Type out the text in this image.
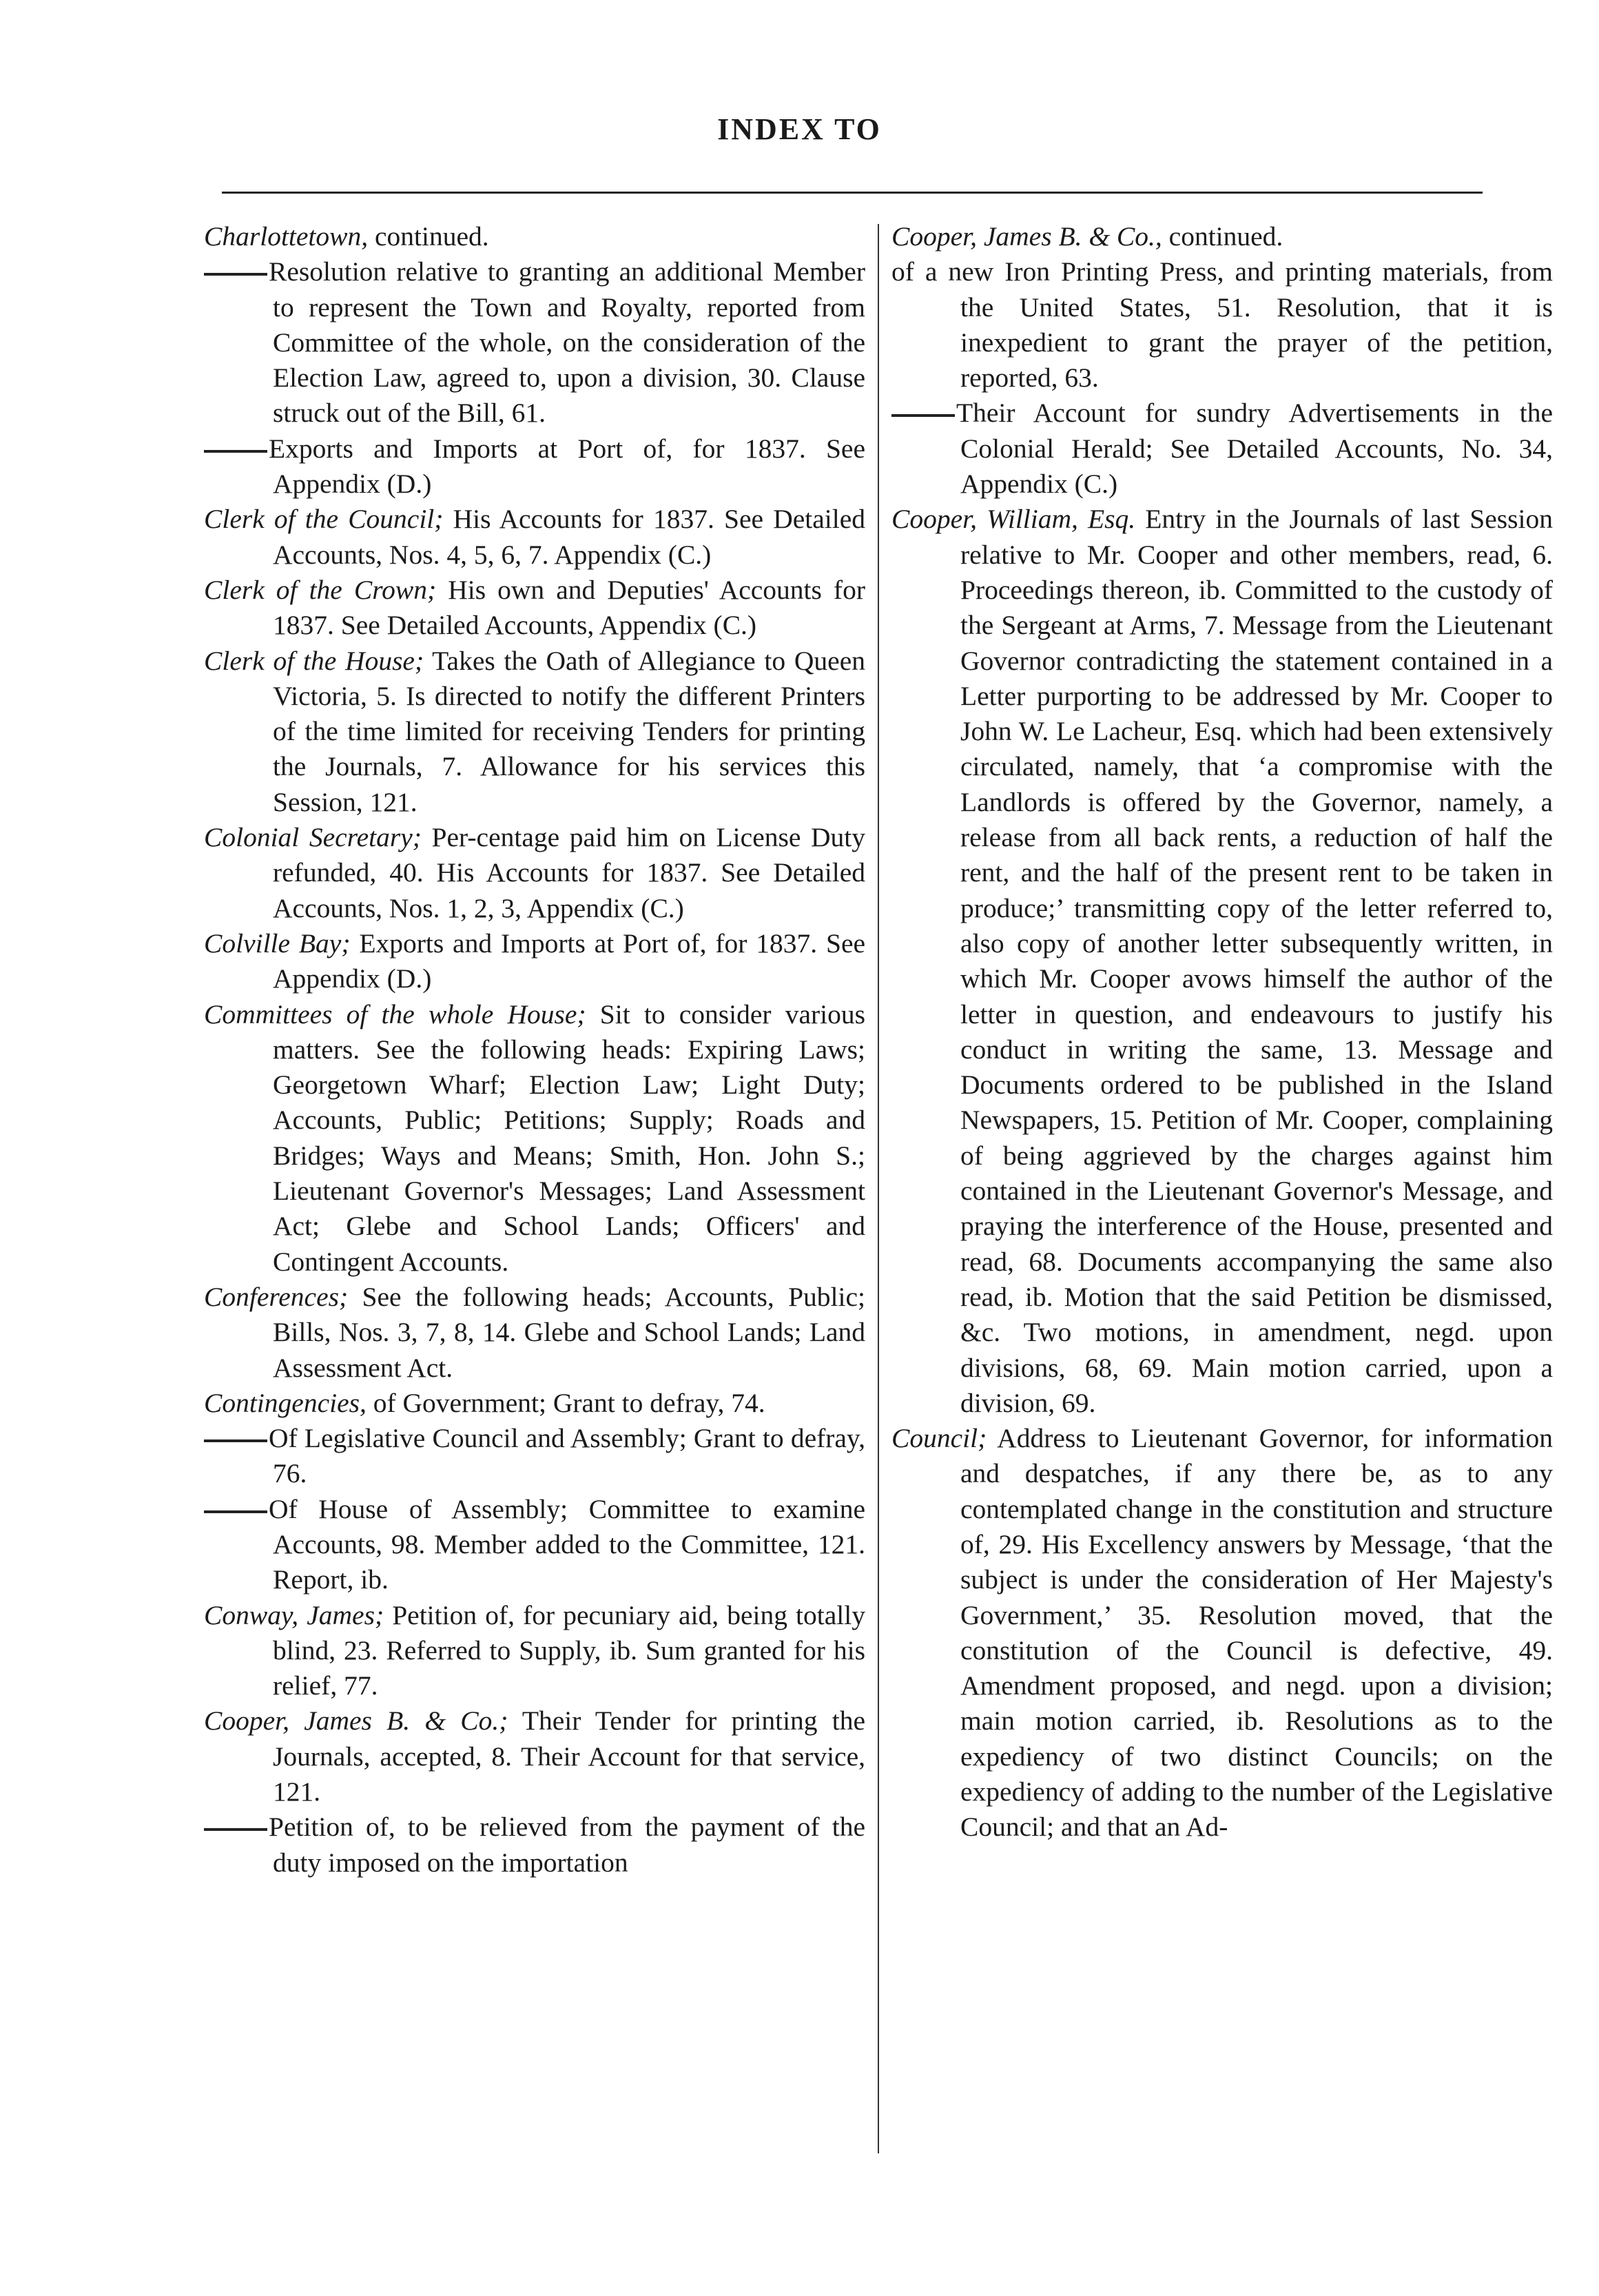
INDEX TO

Charlottetown, continued.

Resolution relative to granting an additional Member to represent the Town and Royalty, reported from Committee of the whole, on the consideration of the Election Law, agreed to, upon a division, 30. Clause struck out of the Bill, 61.

Exports and Imports at Port of, for 1837. See Appendix (D.)

Clerk of the Council; His Accounts for 1837. See Detailed Accounts, Nos. 4, 5, 6, 7. Appendix (C.)

Clerk of the Crown; His own and Deputies' Accounts for 1837. See Detailed Accounts, Appendix (C.)

Clerk of the House; Takes the Oath of Allegiance to Queen Victoria, 5. Is directed to notify the different Printers of the time limited for receiving Tenders for printing the Journals, 7. Allowance for his services this Session, 121.

Colonial Secretary; Per-centage paid him on License Duty refunded, 40. His Accounts for 1837. See Detailed Accounts, Nos. 1, 2, 3, Appendix (C.)

Colville Bay; Exports and Imports at Port of, for 1837. See Appendix (D.)

Committees of the whole House; Sit to consider various matters. See the following heads: Expiring Laws; Georgetown Wharf; Election Law; Light Duty; Accounts, Public; Petitions; Supply; Roads and Bridges; Ways and Means; Smith, Hon. John S.; Lieutenant Governor's Messages; Land Assessment Act; Glebe and School Lands; Officers' and Contingent Accounts.

Conferences; See the following heads; Accounts, Public; Bills, Nos. 3, 7, 8, 14. Glebe and School Lands; Land Assessment Act.

Contingencies, of Government; Grant to defray, 74.

Of Legislative Council and Assembly; Grant to defray, 76.

Of House of Assembly; Committee to examine Accounts, 98. Member added to the Committee, 121. Report, ib.

Conway, James; Petition of, for pecuniary aid, being totally blind, 23. Referred to Supply, ib. Sum granted for his relief, 77.

Cooper, James B. & Co.; Their Tender for printing the Journals, accepted, 8. Their Account for that service, 121.

Petition of, to be relieved from the payment of the duty imposed on the importation

Cooper, James B. & Co., continued.

of a new Iron Printing Press, and printing materials, from the United States, 51. Resolution, that it is inexpedient to grant the prayer of the petition, reported, 63.

Their Account for sundry Advertisements in the Colonial Herald; See Detailed Accounts, No. 34, Appendix (C.)

Cooper, William, Esq. Entry in the Journals of last Session relative to Mr. Cooper and other members, read, 6. Proceedings thereon, ib. Committed to the custody of the Sergeant at Arms, 7. Message from the Lieutenant Governor contradicting the statement contained in a Letter purporting to be addressed by Mr. Cooper to John W. Le Lacheur, Esq. which had been extensively circulated, namely, that ‘a compromise with the Landlords is offered by the Governor, namely, a release from all back rents, a reduction of half the rent, and the half of the present rent to be taken in produce;’ transmitting copy of the letter referred to, also copy of another letter subsequently written, in which Mr. Cooper avows himself the author of the letter in question, and endeavours to justify his conduct in writing the same, 13. Message and Documents ordered to be published in the Island Newspapers, 15. Petition of Mr. Cooper, complaining of being aggrieved by the charges against him contained in the Lieutenant Governor's Message, and praying the interference of the House, presented and read, 68. Documents accompanying the same also read, ib. Motion that the said Petition be dismissed, &c. Two motions, in amendment, negd. upon divisions, 68, 69. Main motion carried, upon a division, 69.

Council; Address to Lieutenant Governor, for information and despatches, if any there be, as to any contemplated change in the constitution and structure of, 29. His Excellency answers by Message, ‘that the subject is under the consideration of Her Majesty's Government,’ 35. Resolution moved, that the constitution of the Council is defective, 49. Amendment proposed, and negd. upon a division; main motion carried, ib. Resolutions as to the expediency of two distinct Councils; on the expediency of adding to the number of the Legislative Council; and that an Ad-
